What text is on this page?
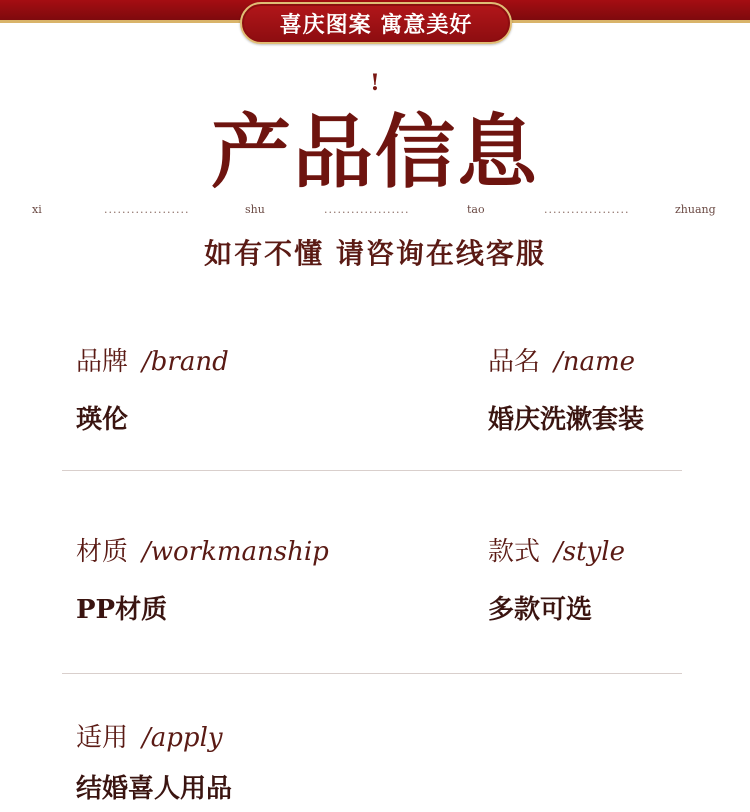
喜庆图案 寓意美好
!
产品信息
xi	...................	shu	...................	tao	...................	zhuang
如有不懂 请咨询在线客服
品牌 /brand	品名 /name
瑛伦	婚庆洗漱套装
材质 /workmanship	款式 /style
PP材质	多款可选
适用 /apply
结婚喜人用品
